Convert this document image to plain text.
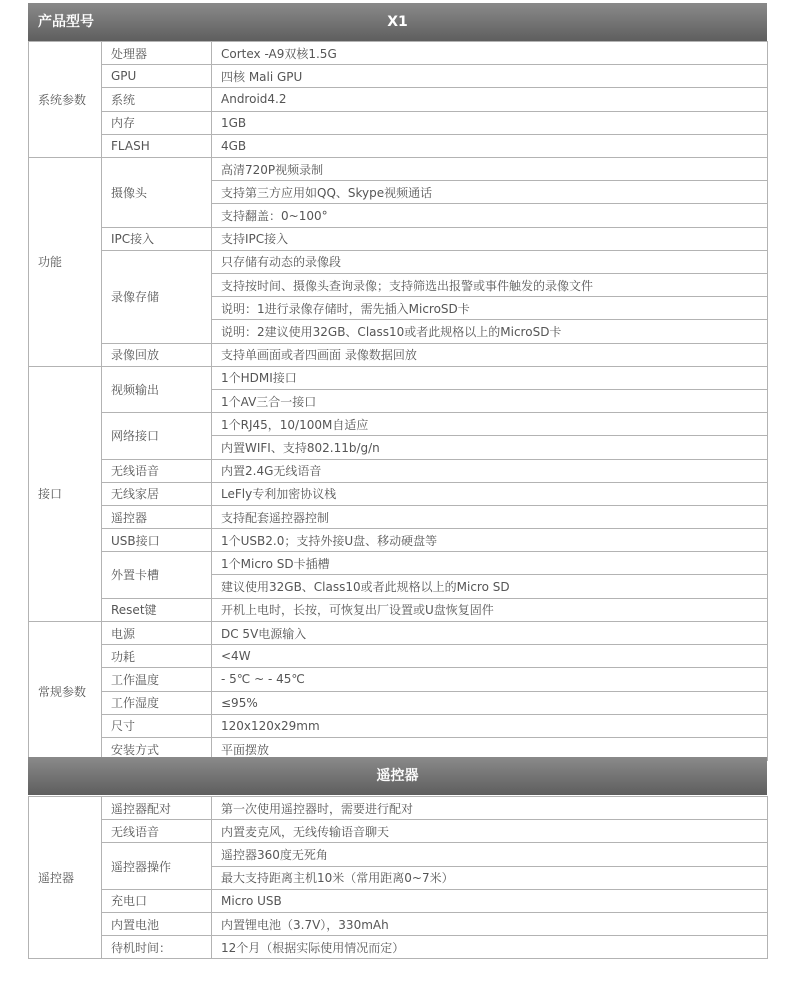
产品型号	X1
系统参数	处理器	Cortex -A9双核1.5G
	GPU	四核 Mali GPU
	系统	Android4.2
	内存	1GB
	FLASH	4GB
功能	摄像头	高清720P视频录制
		支持第三方应用如QQ、Skype视频通话
		支持翻盖：0~100°
	IPC接入	支持IPC接入
	录像存储	只存储有动态的录像段
		支持按时间、摄像头查询录像；支持筛选出报警或事件触发的录像文件
		说明：1进行录像存储时，需先插入MicroSD卡
		说明：2建议使用32GB、Class10或者此规格以上的MicroSD卡
	录像回放	支持单画面或者四画面 录像数据回放
接口	视频输出	1个HDMI接口
		1个AV三合一接口
	网络接口	1个RJ45，10/100M自适应
		内置WIFI、支持802.11b/g/n
	无线语音	内置2.4G无线语音
	无线家居	LeFly专利加密协议栈
	遥控器	支持配套遥控器控制
	USB接口	1个USB2.0；支持外接U盘、移动硬盘等
	外置卡槽	1个Micro SD卡插槽
		建议使用32GB、Class10或者此规格以上的Micro SD
	Reset键	开机上电时，长按，可恢复出厂设置或U盘恢复固件
常规参数	电源	DC 5V电源输入
	功耗	<4W
	工作温度	- 5℃ ~ - 45℃
	工作湿度	≤95%
	尺寸	120x120x29mm
	安装方式	平面摆放
遥控器
遥控器	遥控器配对	第一次使用遥控器时，需要进行配对
	无线语音	内置麦克风，无线传输语音聊天
	遥控器操作	遥控器360度无死角
		最大支持距离主机10米（常用距离0~7米）
	充电口	Micro USB
	内置电池	内置锂电池（3.7V），330mAh
	待机时间：	12个月（根据实际使用情况而定）
